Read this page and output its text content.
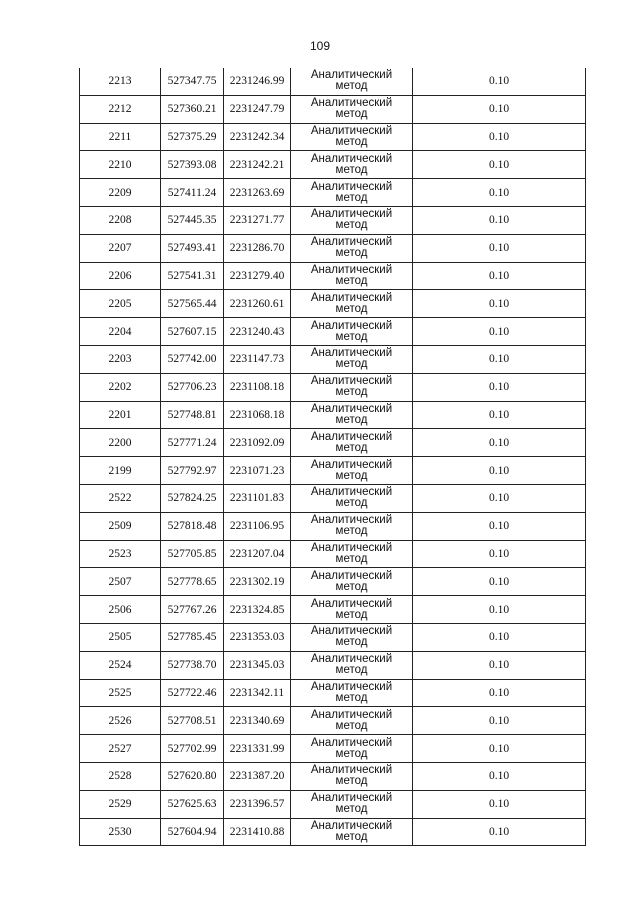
109
2213	527347.75	2231246.99	Аналитический
метод	0.10
2212	527360.21	2231247.79	Аналитический
метод	0.10
2211	527375.29	2231242.34	Аналитический
метод	0.10
2210	527393.08	2231242.21	Аналитический
метод	0.10
2209	527411.24	2231263.69	Аналитический
метод	0.10
2208	527445.35	2231271.77	Аналитический
метод	0.10
2207	527493.41	2231286.70	Аналитический
метод	0.10
2206	527541.31	2231279.40	Аналитический
метод	0.10
2205	527565.44	2231260.61	Аналитический
метод	0.10
2204	527607.15	2231240.43	Аналитический
метод	0.10
2203	527742.00	2231147.73	Аналитический
метод	0.10
2202	527706.23	2231108.18	Аналитический
метод	0.10
2201	527748.81	2231068.18	Аналитический
метод	0.10
2200	527771.24	2231092.09	Аналитический
метод	0.10
2199	527792.97	2231071.23	Аналитический
метод	0.10
2522	527824.25	2231101.83	Аналитический
метод	0.10
2509	527818.48	2231106.95	Аналитический
метод	0.10
2523	527705.85	2231207.04	Аналитический
метод	0.10
2507	527778.65	2231302.19	Аналитический
метод	0.10
2506	527767.26	2231324.85	Аналитический
метод	0.10
2505	527785.45	2231353.03	Аналитический
метод	0.10
2524	527738.70	2231345.03	Аналитический
метод	0.10
2525	527722.46	2231342.11	Аналитический
метод	0.10
2526	527708.51	2231340.69	Аналитический
метод	0.10
2527	527702.99	2231331.99	Аналитический
метод	0.10
2528	527620.80	2231387.20	Аналитический
метод	0.10
2529	527625.63	2231396.57	Аналитический
метод	0.10
2530	527604.94	2231410.88	Аналитический
метод	0.10
